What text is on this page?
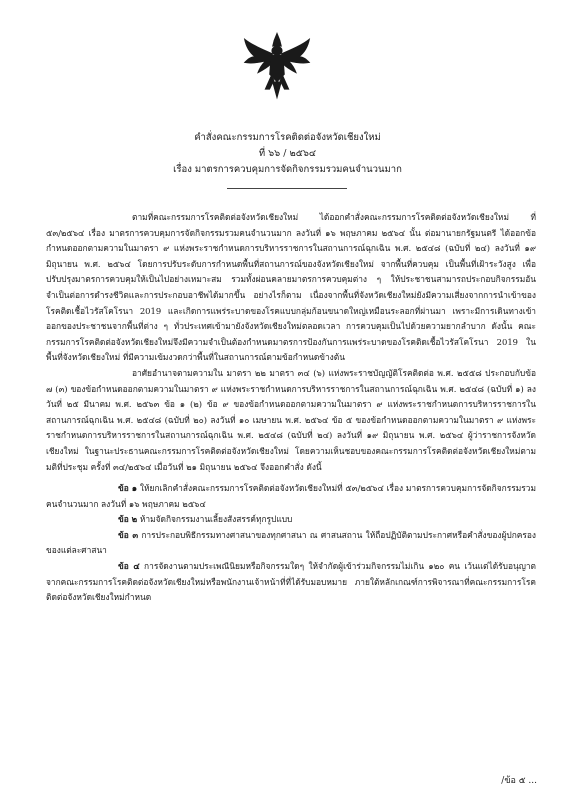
คำสั่งคณะกรรมการโรคติดต่อจังหวัดเชียงใหม่
ที่ ๖๖ / ๒๕๖๔
เรื่อง มาตรการควบคุมการจัดกิจกรรมรวมคนจำนวนมาก

ตามที่คณะกรรมการโรคติดต่อจังหวัดเชียงใหม่ ได้ออกคำสั่งคณะกรรมการโรคติดต่อจังหวัดเชียงใหม่ ที่ ๕๓/๒๕๖๔ เรื่อง มาตรการควบคุมการจัดกิจกรรมรวมคนจำนวนมาก ลงวันที่ ๑๖ พฤษภาคม ๒๕๖๔ นั้น ต่อมานายกรัฐมนตรี ได้ออกข้อกำหนดออกตามความในมาตรา ๙ แห่งพระราชกำหนดการบริหารราชการในสถานการณ์ฉุกเฉิน พ.ศ. ๒๕๔๘ (ฉบับที่ ๒๔) ลงวันที่ ๑๙ มิถุนายน พ.ศ. ๒๕๖๔ โดยการปรับระดับการกำหนดพื้นที่สถานการณ์ของจังหวัดเชียงใหม่ จากพื้นที่ควบคุม เป็นพื้นที่เฝ้าระวังสูง เพื่อปรับปรุงมาตรการควบคุมให้เป็นไปอย่างเหมาะสม รวมทั้งผ่อนคลายมาตรการควบคุมต่าง ๆ ให้ประชาชนสามารถประกอบกิจกรรมอันจำเป็นต่อการดำรงชีวิตและการประกอบอาชีพได้มากขึ้น อย่างไรก็ตาม เนื่องจากพื้นที่จังหวัดเชียงใหม่ยังมีความเสี่ยงจากการนำเข้าของโรคติดเชื้อไวรัสโคโรนา 2019 และเกิดการแพร่ระบาดของโรคแบบกลุ่มก้อนขนาดใหญ่เหมือนระลอกที่ผ่านมา เพราะมีการเดินทางเข้าออกของประชาชนจากพื้นที่ต่าง ๆ ทั่วประเทศเข้ามายังจังหวัดเชียงใหม่ตลอดเวลา การควบคุมเป็นไปด้วยความยากลำบาก ดังนั้น คณะกรรมการโรคติดต่อจังหวัดเชียงใหม่จึงมีความจำเป็นต้องกำหนดมาตรการป้องกันการแพร่ระบาดของโรคติดเชื้อไวรัสโคโรนา 2019 ในพื้นที่จังหวัดเชียงใหม่ ที่มีความเข้มงวดกว่าพื้นที่ในสถานการณ์ตามข้อกำหนดข้างต้น

อาศัยอำนาจตามความใน มาตรา ๒๒ มาตรา ๓๔ (๖) แห่งพระราชบัญญัติโรคติดต่อ พ.ศ. ๒๕๕๘ ประกอบกับข้อ ๗ (๓) ของข้อกำหนดออกตามความในมาตรา ๙ แห่งพระราชกำหนดการบริหารราชการในสถานการณ์ฉุกเฉิน พ.ศ. ๒๕๔๘ (ฉบับที่ ๑) ลงวันที่ ๒๕ มีนาคม พ.ศ. ๒๕๖๓ ข้อ ๑ (๒) ข้อ ๙ ของข้อกำหนดออกตามความในมาตรา ๙ แห่งพระราชกำหนดการบริหารราชการในสถานการณ์ฉุกเฉิน พ.ศ. ๒๕๔๘ (ฉบับที่ ๒๐) ลงวันที่ ๑๐ เมษายน พ.ศ. ๒๕๖๔ ข้อ ๕ ของข้อกำหนดออกตามความในมาตรา ๙ แห่งพระราชกำหนดการบริหารราชการในสถานการณ์ฉุกเฉิน พ.ศ. ๒๕๔๘ (ฉบับที่ ๒๔) ลงวันที่ ๑๙ มิถุนายน พ.ศ. ๒๕๖๔ ผู้ว่าราชการจังหวัดเชียงใหม่ ในฐานะประธานคณะกรรมการโรคติดต่อจังหวัดเชียงใหม่ โดยความเห็นชอบของคณะกรรมการโรคติดต่อจังหวัดเชียงใหม่ตามมติที่ประชุม ครั้งที่ ๓๔/๒๕๖๔ เมื่อวันที่ ๒๑ มิถุนายน ๒๕๖๔ จึงออกคำสั่ง ดังนี้

ข้อ ๑ ให้ยกเลิกคำสั่งคณะกรรมการโรคติดต่อจังหวัดเชียงใหม่ที่ ๕๓/๒๕๖๔ เรื่อง มาตรการควบคุมการจัดกิจกรรมรวมคนจำนวนมาก ลงวันที่ ๑๖ พฤษภาคม ๒๕๖๔

ข้อ ๒ ห้ามจัดกิจกรรมงานเลี้ยงสังสรรค์ทุกรูปแบบ

ข้อ ๓ การประกอบพิธีกรรมทางศาสนาของทุกศาสนา ณ ศาสนสถาน ให้ถือปฏิบัติตามประกาศหรือคำสั่งของผู้ปกครองของแต่ละศาสนา

ข้อ ๔ การจัดงานตามประเพณีนิยมหรือกิจกรรมใดๆ ให้จำกัดผู้เข้าร่วมกิจกรรมไม่เกิน ๑๒๐ คน เว้นแต่ได้รับอนุญาตจากคณะกรรมการโรคติดต่อจังหวัดเชียงใหม่หรือพนักงานเจ้าหน้าที่ที่ได้รับมอบหมาย ภายใต้หลักเกณฑ์การพิจารณาที่คณะกรรมการโรคติดต่อจังหวัดเชียงใหม่กำหนด

/ข้อ ๕ ...
